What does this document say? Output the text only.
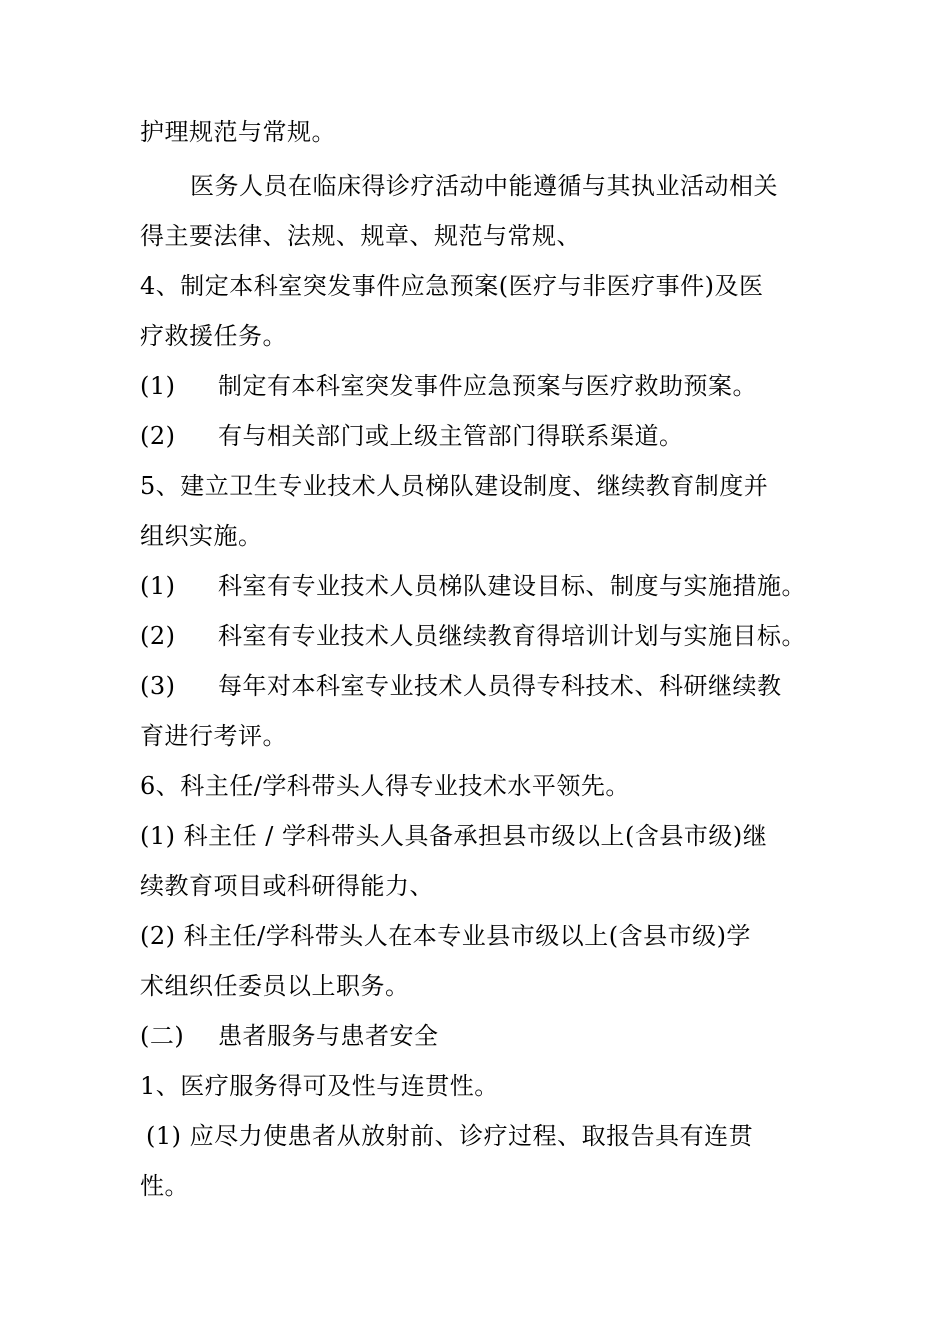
护理规范与常规。
医务人员在临床得诊疗活动中能遵循与其执业活动相关
得主要法律、法规、规章、规范与常规、
4、制定本科室突发事件应急预案(医疗与非医疗事件)及医
疗救援任务。
(1) 制定有本科室突发事件应急预案与医疗救助预案。
(2) 有与相关部门或上级主管部门得联系渠道。
5、建立卫生专业技术人员梯队建设制度、继续教育制度并
组织实施。
(1) 科室有专业技术人员梯队建设目标、制度与实施措施。
(2) 科室有专业技术人员继续教育得培训计划与实施目标。
(3) 每年对本科室专业技术人员得专科技术、科研继续教
育进行考评。
6、科主任/学科带头人得专业技术水平领先。
(1) 科主任 / 学科带头人具备承担县市级以上(含县市级)继
续教育项目或科研得能力、
(2) 科主任/学科带头人在本专业县市级以上(含县市级)学
术组织任委员以上职务。
(二) 患者服务与患者安全
1、医疗服务得可及性与连贯性。
(1) 应尽力使患者从放射前、诊疗过程、取报告具有连贯
性。
